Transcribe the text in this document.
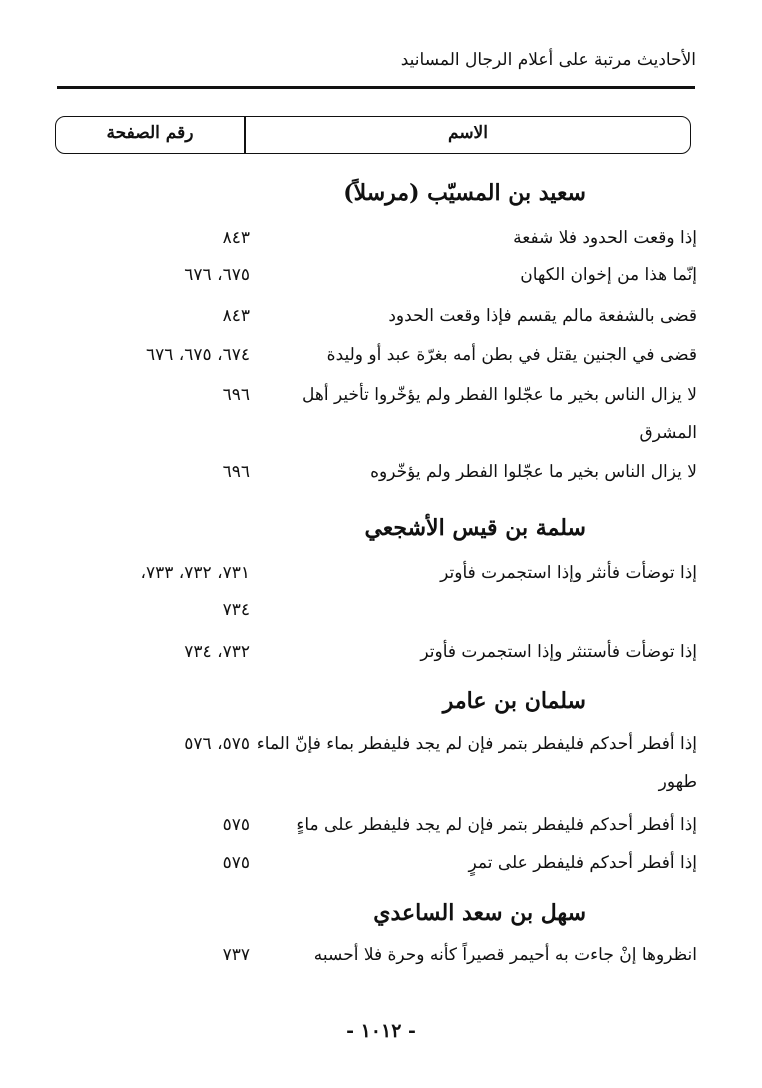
الأحاديث مرتبة على أعلام الرجال المسانيد
الاسم
رقم الصفحة
سعيد بن المسيّب (مرسلاً)
إذا وقعت الحدود فلا شفعة
٨٤٣
إنّما هذا من إخوان الكهان
٦٧٥، ٦٧٦
قضى بالشفعة مالم يقسم فإذا وقعت الحدود
٨٤٣
قضى في الجنين يقتل في بطن أمه بغرّة عبد أو وليدة
٦٧٤، ٦٧٥، ٦٧٦
لا يزال الناس بخير ما عجّلوا الفطر ولم يؤخّروا تأخير أهل
٦٩٦
المشرق
لا يزال الناس بخير ما عجّلوا الفطر ولم يؤخّروه
٦٩٦
سلمة بن قيس الأشجعي
إذا توضأت فأنثر وإذا استجمرت فأوتر
٧٣١، ٧٣٢، ٧٣٣،
٧٣٤
إذا توضأت فأستنثر وإذا استجمرت فأوتر
٧٣٢، ٧٣٤
سلمان بن عامر
إذا أفطر أحدكم فليفطر بتمر فإن لم يجد فليفطر بماء فإنّ الماء
٥٧٥، ٥٧٦
طهور
إذا أفطر أحدكم فليفطر بتمر فإن لم يجد فليفطر على ماءٍ
٥٧٥
إذا أفطر أحدكم فليفطر على تمرٍ
٥٧٥
سهل بن سعد الساعدي
انظروها إنْ جاءت به أحيمر قصيراً كأنه وحرة فلا أحسبه
٧٣٧
- ١٠١٢ -
